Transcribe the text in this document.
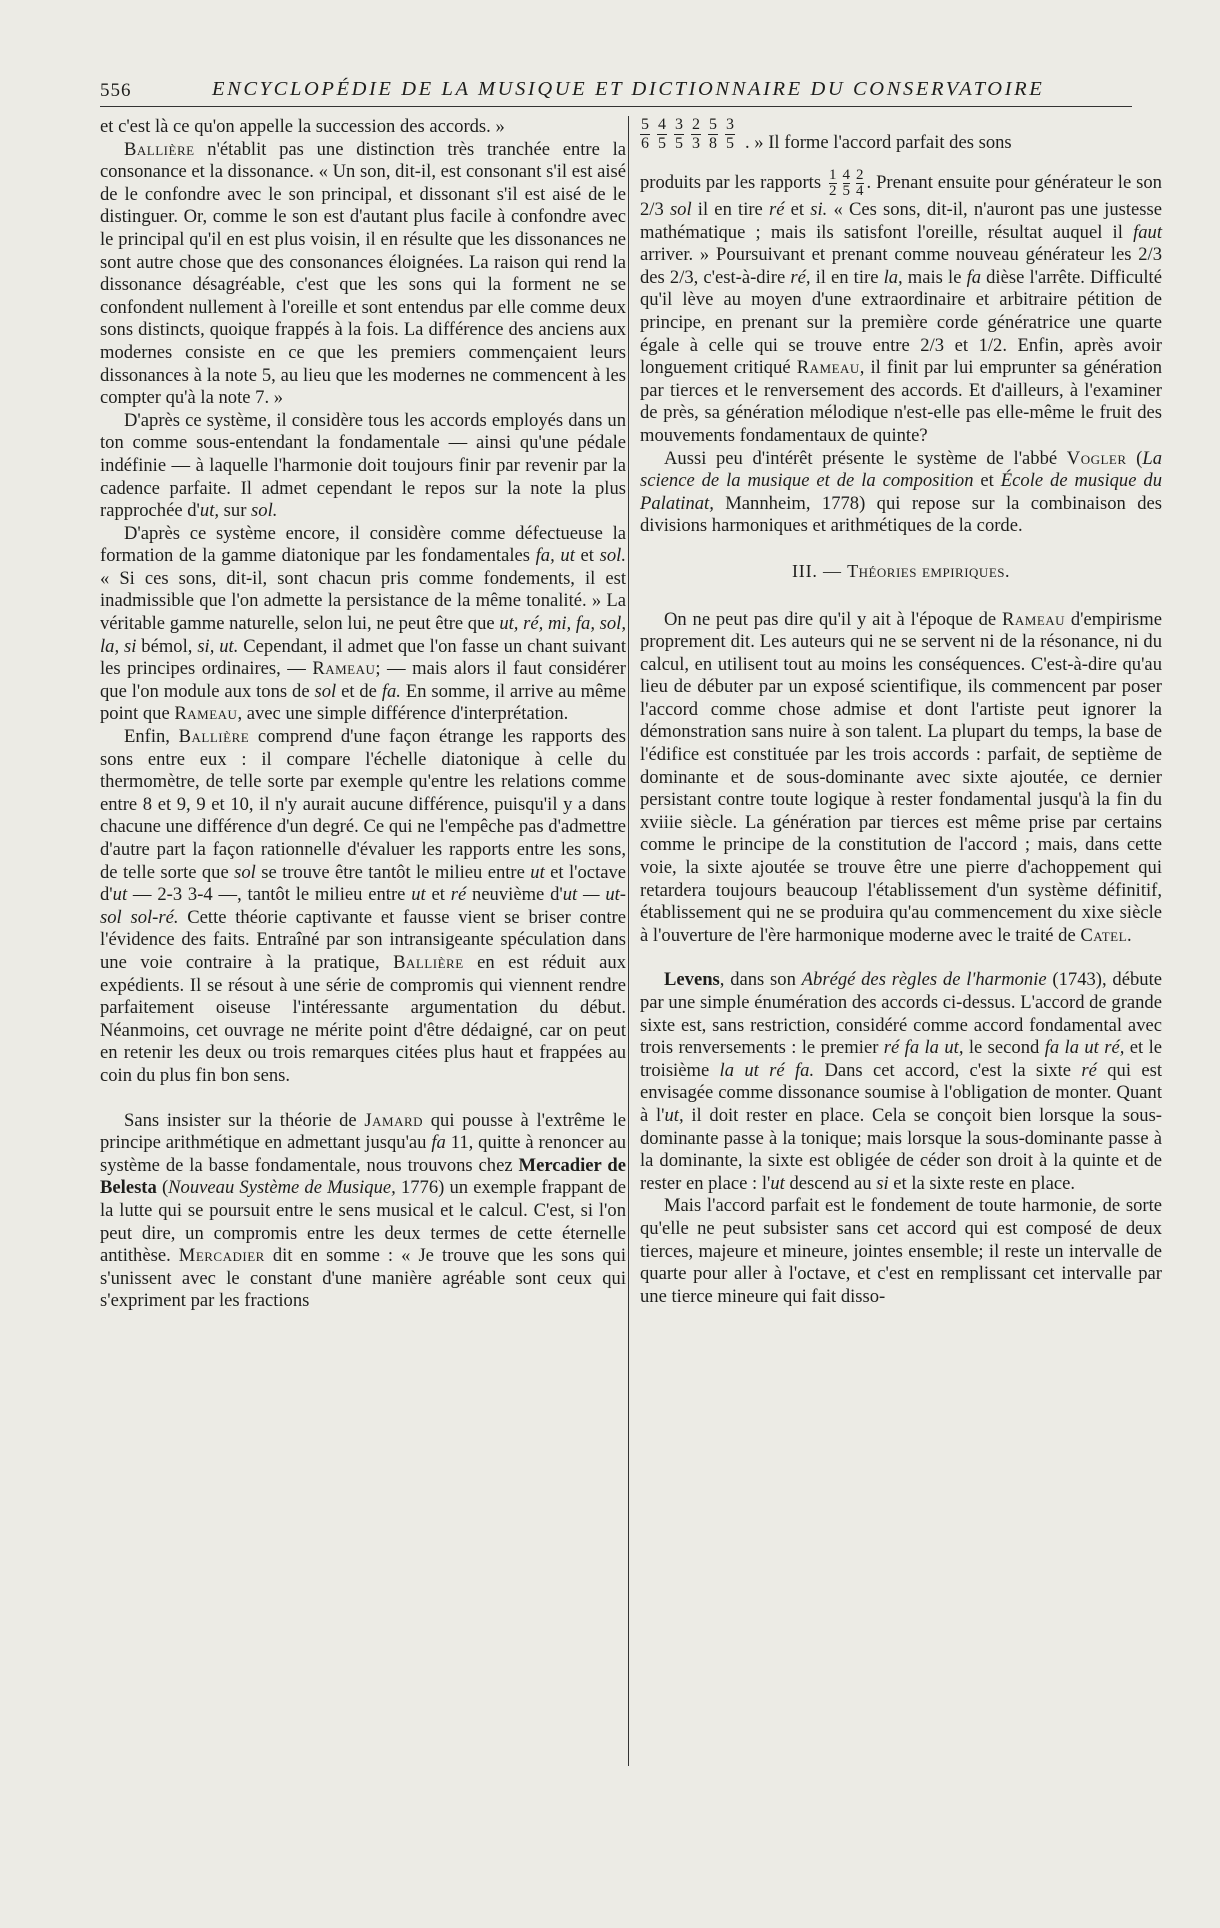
556	ENCYCLOPÉDIE DE LA MUSIQUE ET DICTIONNAIRE DU CONSERVATOIRE

et c'est là ce qu'on appelle la succession des accords. »

Ballière n'établit pas une distinction très tranchée entre la consonance et la dissonance. « Un son, dit-il, est consonant s'il est aisé de le confondre avec le son principal, et dissonant s'il est aisé de le distinguer. Or, comme le son est d'autant plus facile à confondre avec le principal qu'il en est plus voisin, il en résulte que les dissonances ne sont autre chose que des consonances éloignées. La raison qui rend la dissonance désagréable, c'est que les sons qui la forment ne se confondent nullement à l'oreille et sont entendus par elle comme deux sons distincts, quoique frappés à la fois. La différence des anciens aux modernes consiste en ce que les premiers commençaient leurs dissonances à la note 5, au lieu que les modernes ne commencent à les compter qu'à la note 7. »

D'après ce système, il considère tous les accords employés dans un ton comme sous-entendant la fondamentale — ainsi qu'une pédale indéfinie — à laquelle l'harmonie doit toujours finir par revenir par la cadence parfaite. Il admet cependant le repos sur la note la plus rapprochée d'ut, sur sol.

D'après ce système encore, il considère comme défectueuse la formation de la gamme diatonique par les fondamentales fa, ut et sol. « Si ces sons, dit-il, sont chacun pris comme fondements, il est inadmissible que l'on admette la persistance de la même tonalité. » La véritable gamme naturelle, selon lui, ne peut être que ut, ré, mi, fa, sol, la, si bémol, si, ut. Cependant, il admet que l'on fasse un chant suivant les principes ordinaires, — Rameau; — mais alors il faut considérer que l'on module aux tons de sol et de fa. En somme, il arrive au même point que Rameau, avec une simple différence d'interprétation.

Enfin, Ballière comprend d'une façon étrange les rapports des sons entre eux : il compare l'échelle diatonique à celle du thermomètre, de telle sorte par exemple qu'entre les relations comme entre 8 et 9, 9 et 10, il n'y aurait aucune différence, puisqu'il y a dans chacune une différence d'un degré. Ce qui ne l'empêche pas d'admettre d'autre part la façon rationnelle d'évaluer les rapports entre les sons, de telle sorte que sol se trouve être tantôt le milieu entre ut et l'octave d'ut — 2-3 3-4 —, tantôt le milieu entre ut et ré neuvième d'ut — ut-sol sol-ré. Cette théorie captivante et fausse vient se briser contre l'évidence des faits. Entraîné par son intransigeante spéculation dans une voie contraire à la pratique, Ballière en est réduit aux expédients. Il se résout à une série de compromis qui viennent rendre parfaitement oiseuse l'intéressante argumentation du début. Néanmoins, cet ouvrage ne mérite point d'être dédaigné, car on peut en retenir les deux ou trois remarques citées plus haut et frappées au coin du plus fin bon sens.

Sans insister sur la théorie de Jamard qui pousse à l'extrême le principe arithmétique en admettant jusqu'au fa 11, quitte à renoncer au système de la basse fondamentale, nous trouvons chez Mercadier de Belesta (Nouveau Système de Musique, 1776) un exemple frappant de la lutte qui se poursuit entre le sens musical et le calcul. C'est, si l'on peut dire, un compromis entre les deux termes de cette éternelle antithèse. Mercadier dit en somme : « Je trouve que les sons qui s'unissent avec le constant d'une manière agréable sont ceux qui s'expriment par les fractions

$\frac{5}{6} \frac{4}{5} \frac{3}{5} \frac{2}{3} \frac{5}{8} \frac{3}{5}$ . » Il forme l'accord parfait des sons

produits par les rapports $\frac{1}{2} \frac{4}{5} \frac{2}{4}$ . Prenant ensuite pour générateur le son 2/3 sol il en tire ré et si. « Ces sons, dit-il, n'auront pas une justesse mathématique ; mais ils satisfont l'oreille, résultat auquel il faut arriver. » Poursuivant et prenant comme nouveau générateur les 2/3 des 2/3, c'est-à-dire ré, il en tire la, mais le fa dièse l'arrête. Difficulté qu'il lève au moyen d'une extraordinaire et arbitraire pétition de principe, en prenant sur la première corde génératrice une quarte égale à celle qui se trouve entre 2/3 et 1/2. Enfin, après avoir longuement critiqué Rameau, il finit par lui emprunter sa génération par tierces et le renversement des accords. Et d'ailleurs, à l'examiner de près, sa génération mélodique n'est-elle pas elle-même le fruit des mouvements fondamentaux de quinte?

Aussi peu d'intérêt présente le système de l'abbé Vogler (La science de la musique et de la composition et École de musique du Palatinat, Mannheim, 1778) qui repose sur la combinaison des divisions harmoniques et arithmétiques de la corde.

III. — Théories empiriques.

On ne peut pas dire qu'il y ait à l'époque de Rameau d'empirisme proprement dit. Les auteurs qui ne se servent ni de la résonance, ni du calcul, en utilisent tout au moins les conséquences. C'est-à-dire qu'au lieu de débuter par un exposé scientifique, ils commencent par poser l'accord comme chose admise et dont l'artiste peut ignorer la démonstration sans nuire à son talent. La plupart du temps, la base de l'édifice est constituée par les trois accords : parfait, de septième de dominante et de sous-dominante avec sixte ajoutée, ce dernier persistant contre toute logique à rester fondamental jusqu'à la fin du xviiie siècle. La génération par tierces est même prise par certains comme le principe de la constitution de l'accord ; mais, dans cette voie, la sixte ajoutée se trouve être une pierre d'achoppement qui retardera toujours beaucoup l'établissement d'un système définitif, établissement qui ne se produira qu'au commencement du xixe siècle à l'ouverture de l'ère harmonique moderne avec le traité de Catel.

Levens, dans son Abrégé des règles de l'harmonie (1743), débute par une simple énumération des accords ci-dessus. L'accord de grande sixte est, sans restriction, considéré comme accord fondamental avec trois renversements : le premier ré fa la ut, le second fa la ut ré, et le troisième la ut ré fa. Dans cet accord, c'est la sixte ré qui est envisagée comme dissonance soumise à l'obligation de monter. Quant à l'ut, il doit rester en place. Cela se conçoit bien lorsque la sous-dominante passe à la tonique; mais lorsque la sous-dominante passe à la dominante, la sixte est obligée de céder son droit à la quinte et de rester en place : l'ut descend au si et la sixte reste en place.

Mais l'accord parfait est le fondement de toute harmonie, de sorte qu'elle ne peut subsister sans cet accord qui est composé de deux tierces, majeure et mineure, jointes ensemble; il reste un intervalle de quarte pour aller à l'octave, et c'est en remplissant cet intervalle par une tierce mineure qui fait disso-
